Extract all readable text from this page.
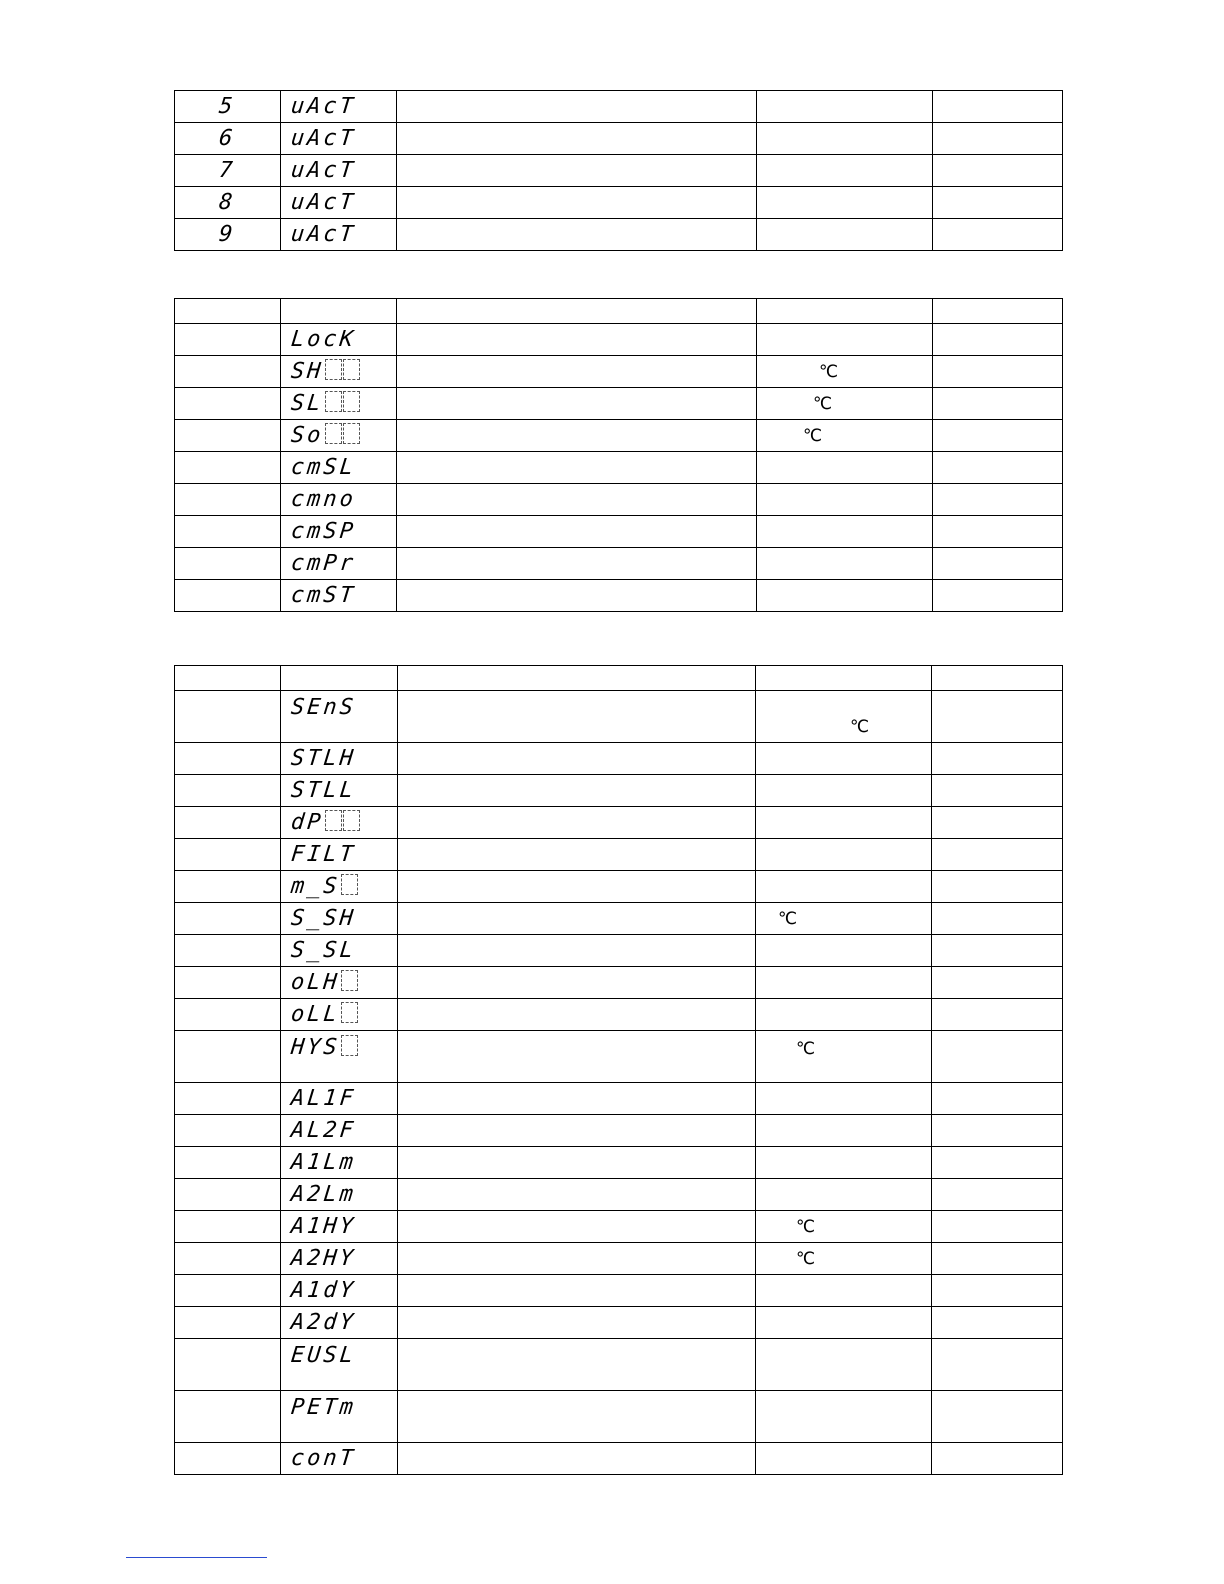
5	uAcT			
6	uAcT			
7	uAcT			
8	uAcT			
9	uAcT			

	LocK			
	SH		℃	
	SL		℃	
	So		℃	
	cmSL			
	cmno			
	cmSP			
	cmPr			
	cmST			

	SEnS		℃	
	STLH			
	STLL			
	dP			
	FILT			
	m_S			
	S_SH		℃	
	S_SL			
	oLH			
	oLL			
	HYS		℃	
	AL1F			
	AL2F			
	A1Lm			
	A2Lm			
	A1HY		℃	
	A2HY		℃	
	A1dY			
	A2dY			
	EUSL			
	PETm			
	conT			
